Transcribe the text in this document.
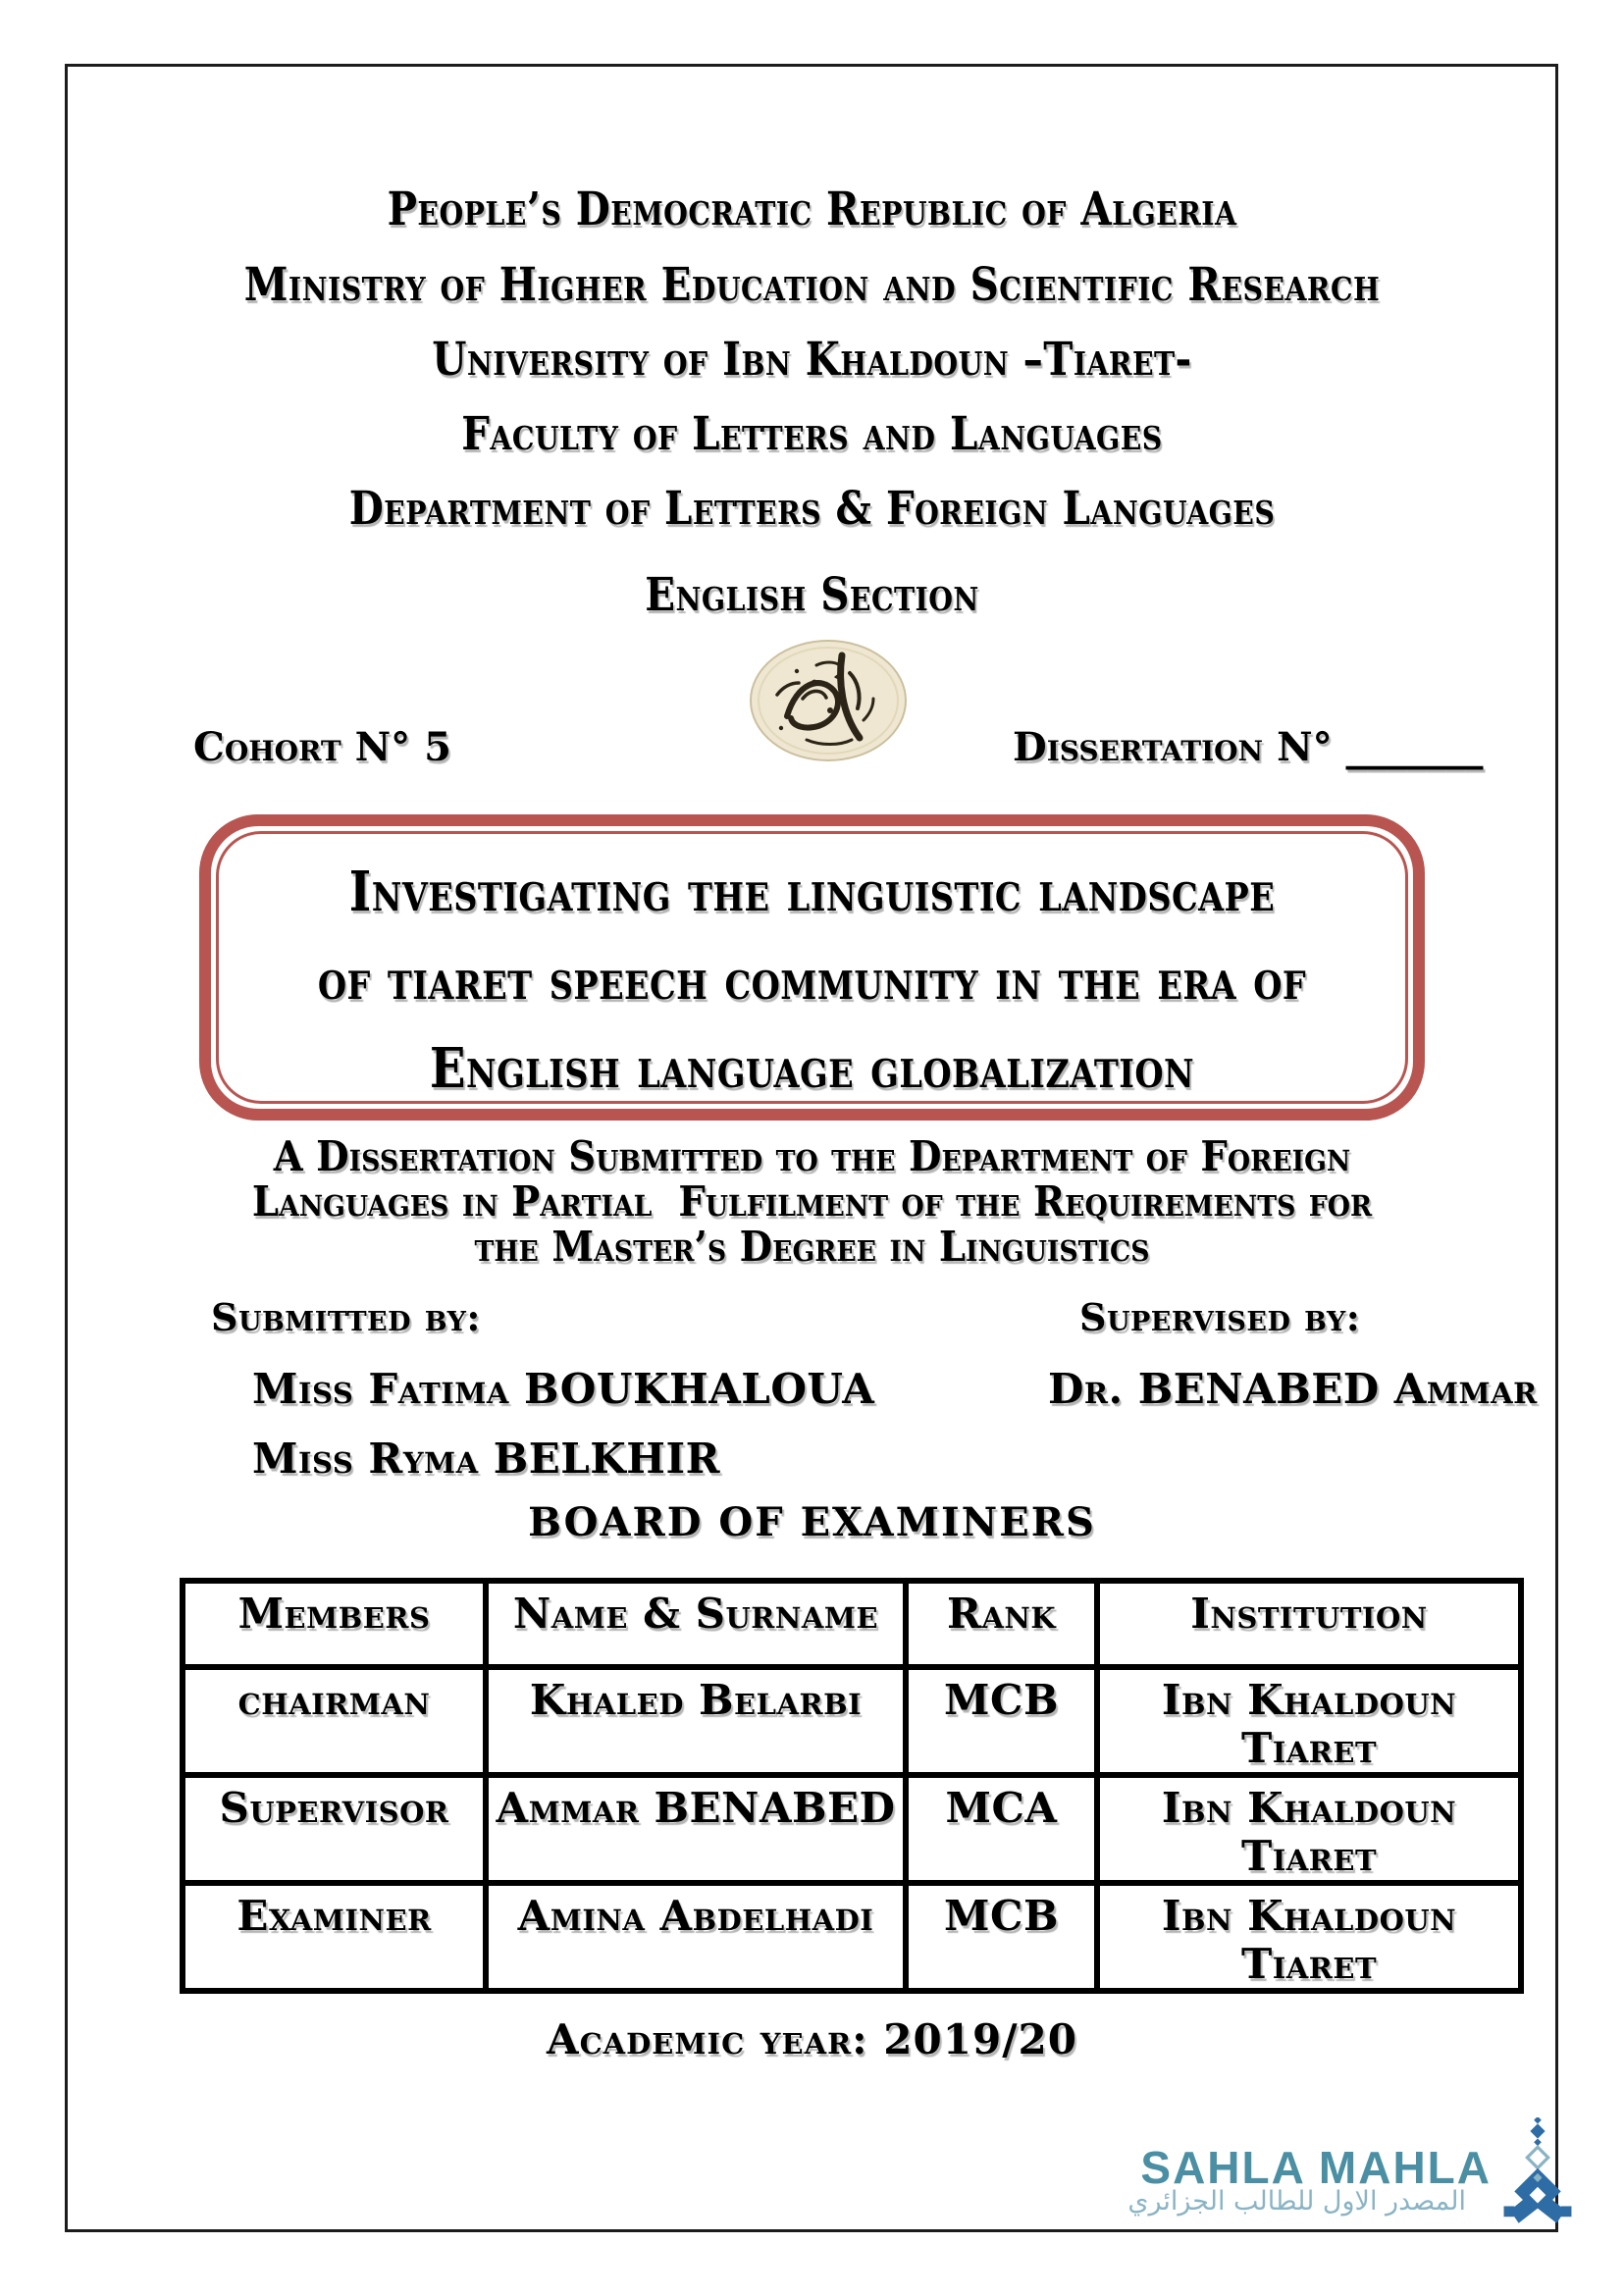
People’s Democratic Republic of Algeria
Ministry of Higher Education and Scientific Research
University of Ibn Khaldoun –Tiaret-
Faculty of Letters and Languages
Department of Letters & Foreign Languages
English Section
Cohort N° 5	Dissertation N° _______
Investigating the linguistic landscape
of tiaret speech community in the era of
English language globalization
A Dissertation Submitted to the Department of Foreign
Languages in Partial  Fulfilment of the Requirements for
the Master’s Degree in Linguistics
Submitted by:	Supervised by:
Miss Fatima BOUKHALOUA	Dr. BENABED Ammar
Miss Ryma BELKHIR
BOARD OF EXAMINERS
Members	Name & Surname	Rank	Institution
chairman	Khaled Belarbi	MCB	Ibn Khaldoun Tiaret
Supervisor	Ammar BENABED	MCA	Ibn Khaldoun Tiaret
Examiner	Amina Abdelhadi	MCB	Ibn Khaldoun Tiaret
Academic year: 2019/20
SAHLA MAHLA
المصدر الاول للطالب الجزائري
